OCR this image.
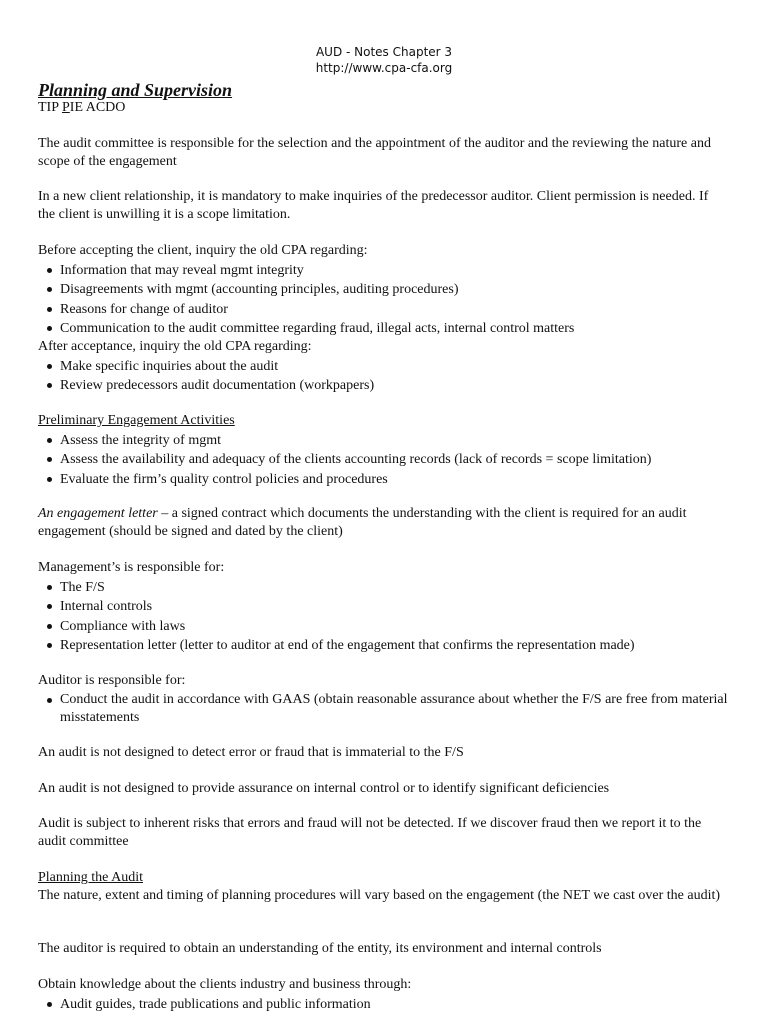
AUD - Notes Chapter 3
http://www.cpa-cfa.org
Planning and Supervision
TIP PIE ACDO
The audit committee is responsible for the selection and the appointment of the auditor and the reviewing the nature and scope of the engagement
In a new client relationship, it is mandatory to make inquiries of the predecessor auditor. Client permission is needed. If the client is unwilling it is a scope limitation.
Before accepting the client, inquiry the old CPA regarding:
Information that may reveal mgmt integrity
Disagreements with mgmt (accounting principles, auditing procedures)
Reasons for change of auditor
Communication to the audit committee regarding fraud, illegal acts, internal control matters
After acceptance, inquiry the old CPA regarding:
Make specific inquiries about the audit
Review predecessors audit documentation (workpapers)
Preliminary Engagement Activities
Assess the integrity of mgmt
Assess the availability and adequacy of the clients accounting records (lack of records = scope limitation)
Evaluate the firm’s quality control policies and procedures
An engagement letter – a signed contract which documents the understanding with the client is required for an audit engagement (should be signed and dated by the client)
Management’s is responsible for:
The F/S
Internal controls
Compliance with laws
Representation letter (letter to auditor at end of the engagement that confirms the representation made)
Auditor is responsible for:
Conduct the audit in accordance with GAAS (obtain reasonable assurance about whether the F/S are free from material misstatements
An audit is not designed to detect error or fraud that is immaterial to the F/S
An audit is not designed to provide assurance on internal control or to identify significant deficiencies
Audit is subject to inherent risks that errors and fraud will not be detected. If we discover fraud then we report it to the audit committee
Planning the Audit
The nature, extent and timing of planning procedures will vary based on the engagement (the NET we cast over the audit)
The auditor is required to obtain an understanding of the entity, its environment and internal controls
Obtain knowledge about the clients industry and business through:
Audit guides, trade publications and public information
